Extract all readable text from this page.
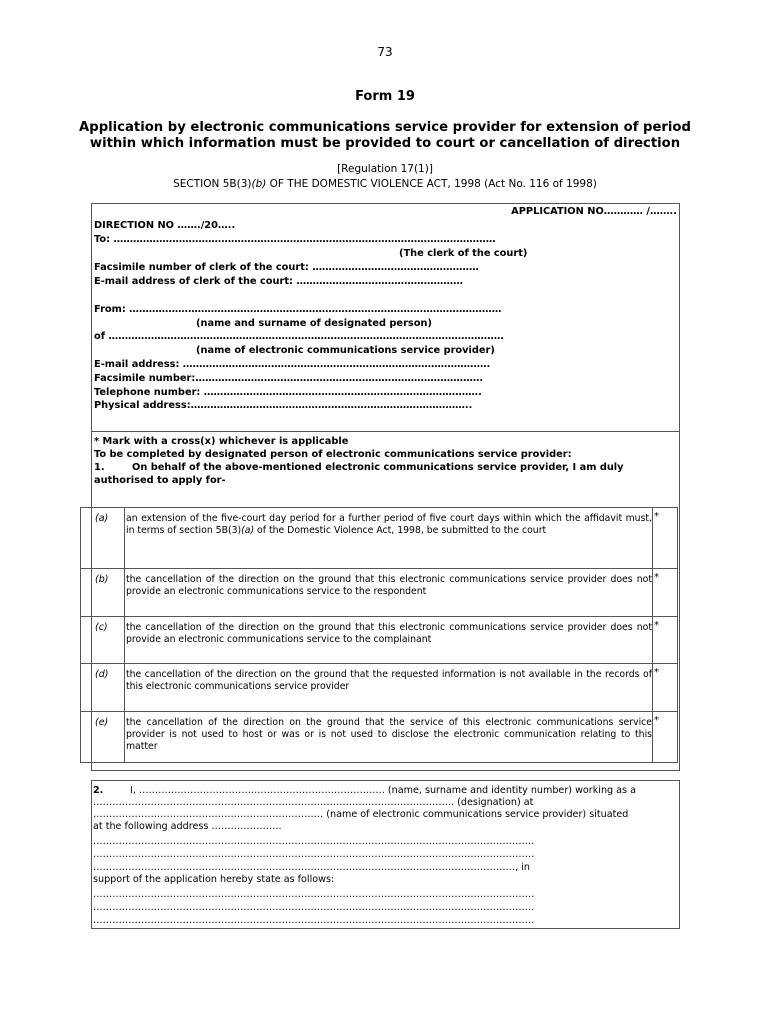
73
Form 19
Application by electronic communications service provider for extension of period within which information must be provided to court or cancellation of direction
[Regulation 17(1)]
SECTION 5B(3)(b) OF THE DOMESTIC VIOLENCE ACT, 1998 (Act No. 116 of 1998)
APPLICATION NO………… /……..
DIRECTION NO ……./20…..
To: ………………………………………………………………………………………………………
(The clerk of the court)
Facsimile number of clerk of the court: ……………………………………………
E-mail address of clerk of the court: ……………………………………………
From: ……………………………………………………………………………………………………
(name and surname of designated person)
of ………………………………………………………………………………………………………….
(name of electronic communications service provider)
E-mail address: ………………………………………………………………………………….
Facsimile number:…………………………………………………………………………….
Telephone number: ………………………………………………………………………….
Physical address:…………………………………………………………………………..
* Mark with a cross(x) whichever is applicable
To be completed by designated person of electronic communications service provider:
1.	On behalf of the above-mentioned electronic communications service provider, I am duly
authorised to apply for-
(a) an extension of the five-court day period for a further period of five court days within which the affidavit must, in terms of section 5B(3)(a) of the Domestic Violence Act, 1998, be submitted to the court
*
(b) the cancellation of the direction on the ground that this electronic communications service provider does not provide an electronic communications service to the respondent
*
(c) the cancellation of the direction on the ground that this electronic communications service provider does not provide an electronic communications service to the complainant
*
(d) the cancellation of the direction on the ground that the requested information is not available in the records of this electronic communications service provider
*
(e) the cancellation of the direction on the ground that the service of this electronic communications service provider is not used to host or was or is not used to disclose the electronic communication relating to this matter
*
2.	I, ………………………………………………………………….. (name, surname and identity number) working as a
………………………………………………………………………………………………….. (designation) at
……………………………………………………………… (name of electronic communications service provider) situated
at the following address ………………….
…………………………………………………………………………………………………………………………
…………………………………………………………………………………………………………………………
……………………………………………………………………………………………………………………, in
support of the application hereby state as follows:
…………………………………………………………………………………………………………………………
…………………………………………………………………………………………………………………………
…………………………………………………………………………………………………………………………
